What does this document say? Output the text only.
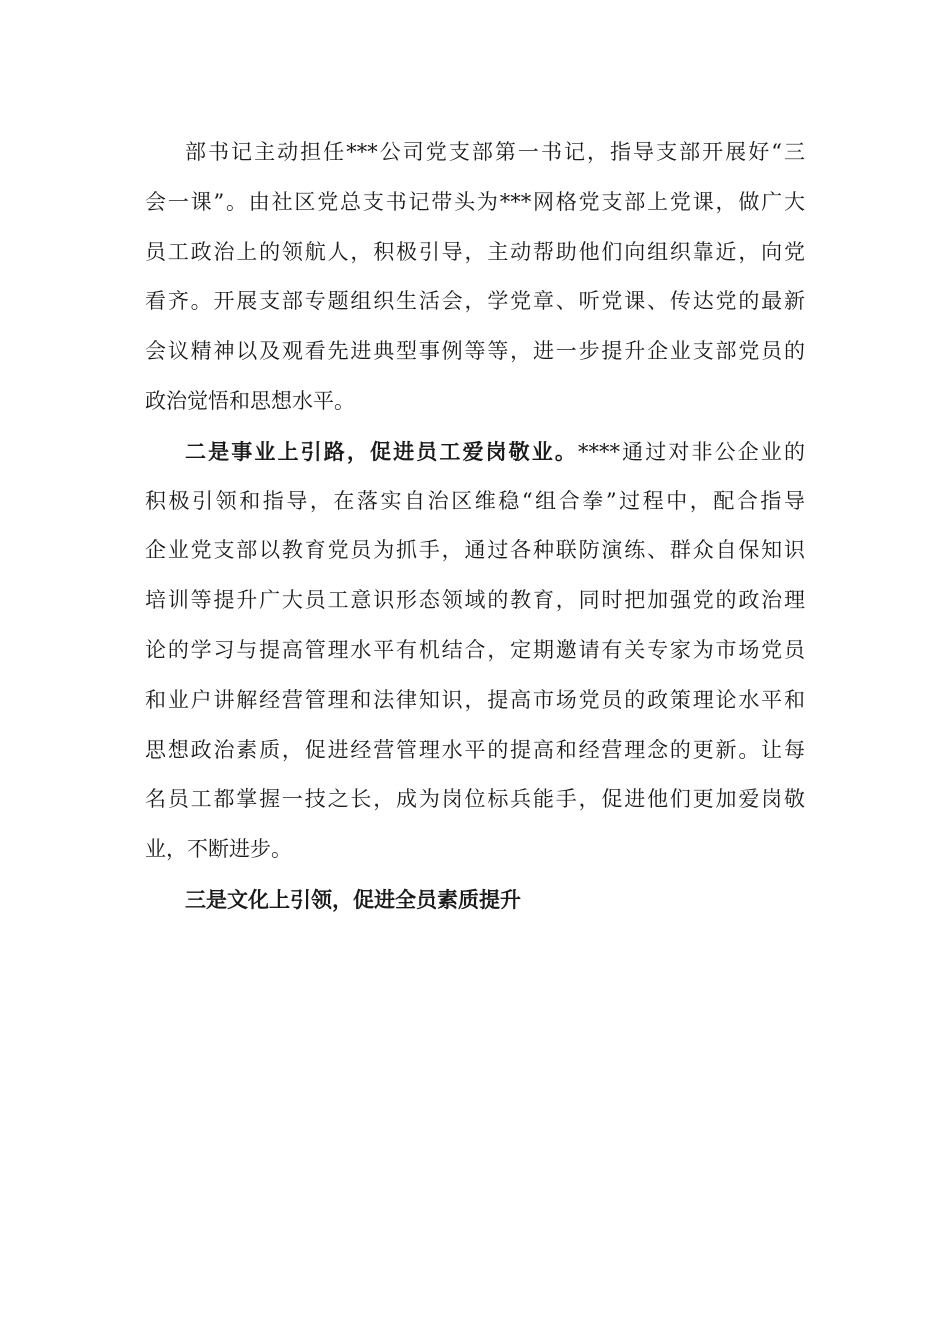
部书记主动担任***公司党支部第一书记，指导支部开展好“三
会一课”。由社区党总支书记带头为***网格党支部上党课，做广大
员工政治上的领航人，积极引导，主动帮助他们向组织靠近，向党
看齐。开展支部专题组织生活会，学党章、听党课、传达党的最新
会议精神以及观看先进典型事例等等，进一步提升企业支部党员的
政治觉悟和思想水平。
二是事业上引路，促进员工爱岗敬业。****通过对非公企业的
积极引领和指导，在落实自治区维稳“组合拳”过程中，配合指导
企业党支部以教育党员为抓手，通过各种联防演练、群众自保知识
培训等提升广大员工意识形态领域的教育，同时把加强党的政治理
论的学习与提高管理水平有机结合，定期邀请有关专家为市场党员
和业户讲解经营管理和法律知识，提高市场党员的政策理论水平和
思想政治素质，促进经营管理水平的提高和经营理念的更新。让每
名员工都掌握一技之长，成为岗位标兵能手，促进他们更加爱岗敬
业，不断进步。
三是文化上引领，促进全员素质提升
